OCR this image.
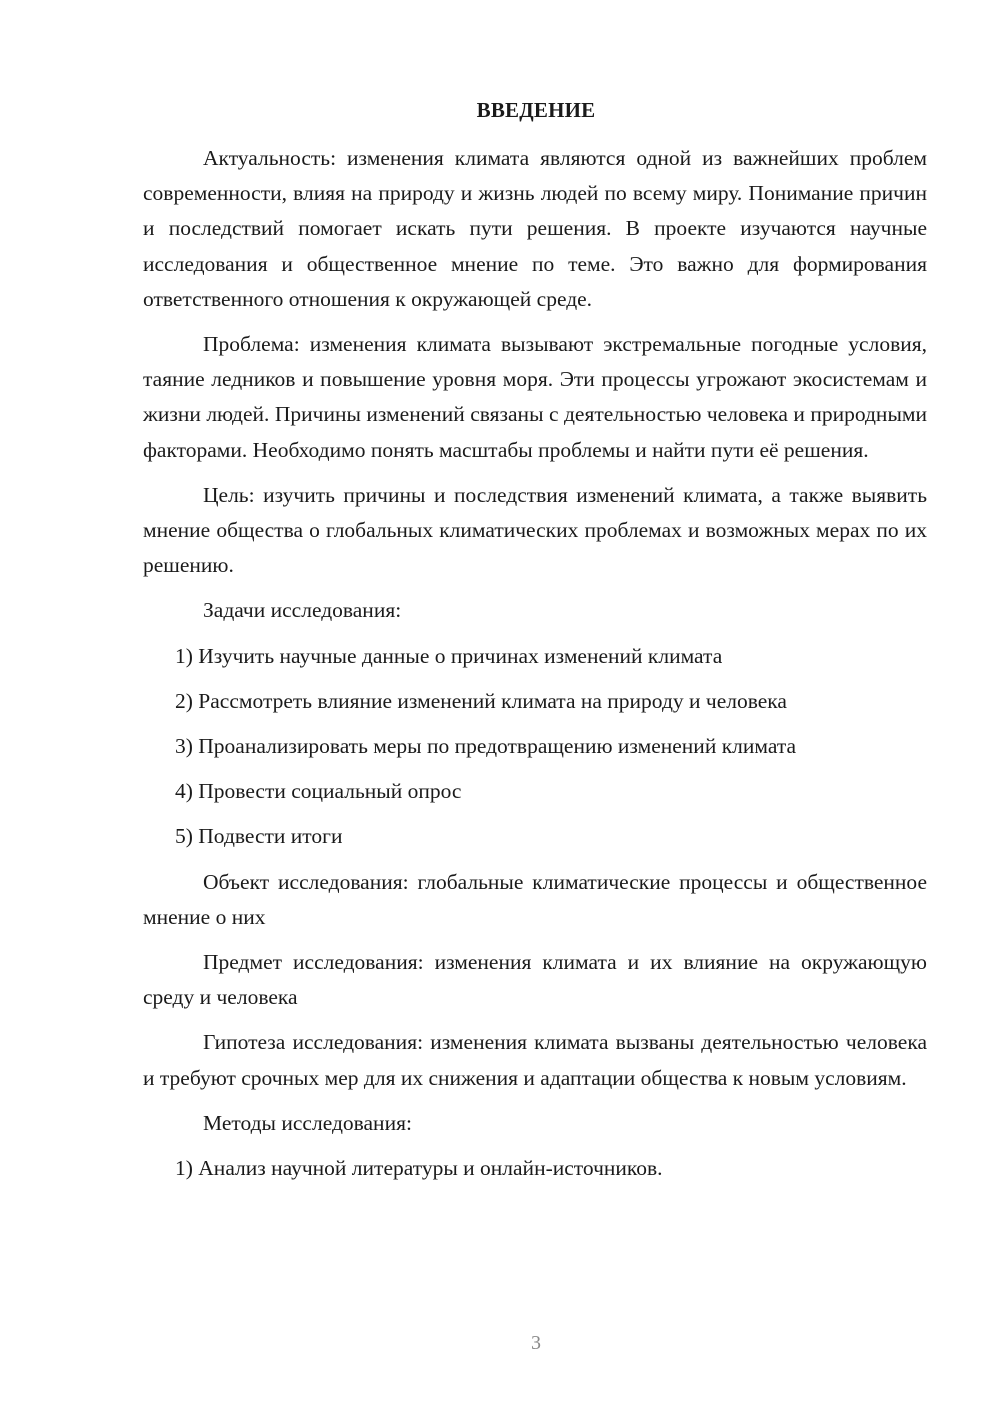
ВВЕДЕНИЕ

Актуальность: изменения климата являются одной из важнейших проблем современности, влияя на природу и жизнь людей по всему миру. Понимание причин и последствий помогает искать пути решения. В проекте изучаются научные исследования и общественное мнение по теме. Это важно для формирования ответственного отношения к окружающей среде.

Проблема: изменения климата вызывают экстремальные погодные условия, таяние ледников и повышение уровня моря. Эти процессы угрожают экосистемам и жизни людей. Причины изменений связаны с деятельностью человека и природными факторами. Необходимо понять масштабы проблемы и найти пути её решения.

Цель: изучить причины и последствия изменений климата, а также выявить мнение общества о глобальных климатических проблемах и возможных мерах по их решению.

Задачи исследования:

1) Изучить научные данные о причинах изменений климата

2) Рассмотреть влияние изменений климата на природу и человека

3) Проанализировать меры по предотвращению изменений климата

4) Провести социальный опрос

5) Подвести итоги

Объект исследования: глобальные климатические процессы и общественное мнение о них

Предмет исследования: изменения климата и их влияние на окружающую среду и человека

Гипотеза исследования: изменения климата вызваны деятельностью человека и требуют срочных мер для их снижения и адаптации общества к новым условиям.

Методы исследования:

1) Анализ научной литературы и онлайн-источников.

3
